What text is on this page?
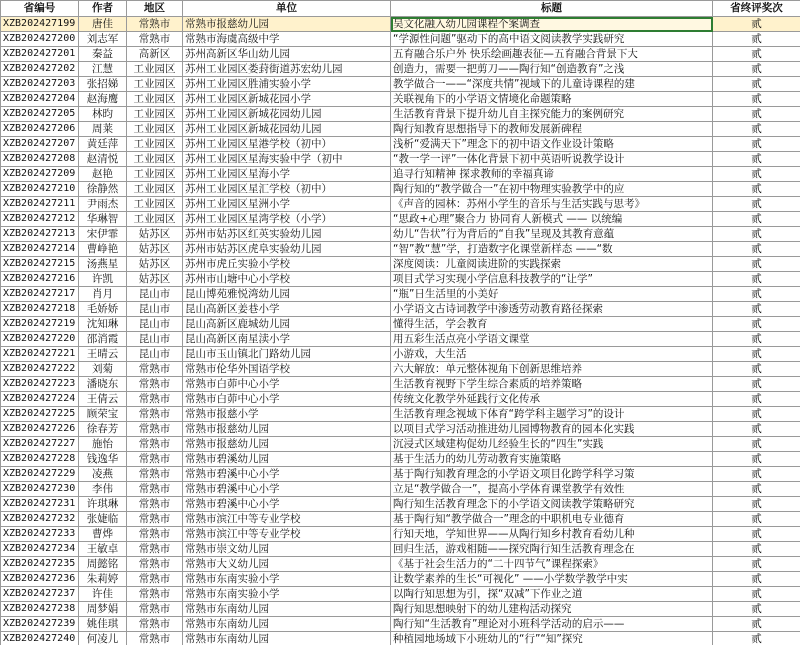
省编号	作者	地区	单位	标题	省终评奖次
XZB202427199	唐佳	常熟市	常熟市报慈幼儿园	吴文化融入幼儿园课程个案调查	贰
XZB202427200	刘志军	常熟市	常熟市海虞高级中学	“学源性问题”驱动下的高中语文阅读教学实践研究	贰
XZB202427201	秦益	高新区	苏州高新区华山幼儿园	五育融合乐户外 快乐绘画趣表征—五育融合背景下大	贰
XZB202427202	江慧	工业园区	苏州工业园区娄葑街道苏宏幼儿园	创造力，需要一把剪刀——陶行知“创造教育”之浅	贰
XZB202427203	张招娣	工业园区	苏州工业园区胜浦实验小学	教学做合一——“深度共情”视域下的儿童诗课程的建	贰
XZB202427204	赵海鹰	工业园区	苏州工业园区新城花园小学	关联视角下的小学语文情境化命题策略	贰
XZB202427205	林昀	工业园区	苏州工业园区新城花园幼儿园	生活教育背景下提升幼儿自主探究能力的案例研究	贰
XZB202427206	周莱	工业园区	苏州工业园区新城花园幼儿园	陶行知教育思想指导下的教师发展新碑程	贰
XZB202427207	黄廷萍	工业园区	苏州工业园区星港学校（初中）	浅析“爱满天下”理念下的初中语文作业设计策略	贰
XZB202427208	赵清悦	工业园区	苏州工业园区星海实验中学（初中	“教一学一评”一体化背景下初中英语听说教学设计	贰
XZB202427209	赵艳	工业园区	苏州工业园区星海小学	追寻行知精神 探求教师的幸福真谛	贰
XZB202427210	徐静然	工业园区	苏州工业园区星汇学校（初中）	陶行知的“教学做合一”在初中物理实验教学中的应	贰
XZB202427211	尹雨杰	工业园区	苏州工业园区星洲小学	《声音的园林：苏州小学生的音乐与生活实践与思考》	贰
XZB202427212	华琳智	工业园区	苏州工业园区星湾学校（小学）	“思政+心理”聚合力 协同育人新模式 —— 以统编	贰
XZB202427213	宋伊霏	姑苏区	苏州市姑苏区红英实验幼儿园	幼儿“告状”行为背后的“自我”呈现及其教育意蕴	贰
XZB202427214	曹峥艳	姑苏区	苏州市姑苏区虎阜实验幼儿园	“智”教“慧”学，打造数字化课堂新样态 ——“数	贰
XZB202427215	汤燕星	姑苏区	苏州市虎丘实验小学校	深度阅读：儿童阅读进阶的实践探索	贰
XZB202427216	许凯	姑苏区	苏州市山塘中心小学校	项目式学习实现小学信息科技教学的“让学”	贰
XZB202427217	肖月	昆山市	昆山博苑雅悦湾幼儿园	“瓶”日生活里的小美好	贰
XZB202427218	毛娇娇	昆山市	昆山高新区姜巷小学	小学语文古诗词教学中渗透劳动教育路径探索	贰
XZB202427219	沈知琳	昆山市	昆山高新区鹿城幼儿园	懂得生活，学会教育	贰
XZB202427220	邵消霞	昆山市	昆山高新区南星渎小学	用五彩生活点亮小学语文课堂	贰
XZB202427221	王晴云	昆山市	昆山市玉山镇北门路幼儿园	小游戏，大生活	贰
XZB202427222	刘菊	常熟市	常熟市伦华外国语学校	六大解放：单元整体视角下创新思维培养	贰
XZB202427223	潘晓东	常熟市	常熟市白茆中心小学	生活教育视野下学生综合素质的培养策略	贰
XZB202427224	王倩云	常熟市	常熟市白茆中心小学	传统文化教学外延践行文化传承	贰
XZB202427225	顾荣宝	常熟市	常熟市报慈小学	生活教育理念视域下体育“跨学科主题学习”的设计	贰
XZB202427226	徐春芳	常熟市	常熟市报慈幼儿园	以项目式学习活动推进幼儿园博物教育的园本化实践	贰
XZB202427227	施怡	常熟市	常熟市报慈幼儿园	沉浸式区域建构促幼儿经验生长的“四生”实践	贰
XZB202427228	钱逸华	常熟市	常熟市碧溪幼儿园	基于生活力的幼儿劳动教育实施策略	贰
XZB202427229	凌燕	常熟市	常熟市碧溪中心小学	基于陶行知教育理念的小学语文项目化跨学科学习策	贰
XZB202427230	李伟	常熟市	常熟市碧溪中心小学	立足“教学做合一”，提高小学体育课堂教学有效性	贰
XZB202427231	许琪琳	常熟市	常熟市碧溪中心小学	陶行知生活教育理念下的小学语文阅读教学策略研究	贰
XZB202427232	张婕临	常熟市	常熟市滨江中等专业学校	基于陶行知“教学做合一”理念的中职机电专业德育	贰
XZB202427233	曹烨	常熟市	常熟市滨江中等专业学校	行知天地，学知世界——从陶行知乡村教育看幼儿种	贰
XZB202427234	王敏卓	常熟市	常熟市崇文幼儿园	回归生活，游戏相随——探究陶行知生活教育理念在	贰
XZB202427235	周懿铭	常熟市	常熟市大义幼儿园	《基于社会生活力的“二十四节气”课程探索》	贰
XZB202427236	朱莉婷	常熟市	常熟市东南实验小学	让数学素养的生长“可视化” ——小学数学教学中实	贰
XZB202427237	许佳	常熟市	常熟市东南实验小学	以陶行知思想为引，探“双减”下作业之道	贰
XZB202427238	周梦娟	常熟市	常熟市东南幼儿园	陶行知思想映射下的幼儿建构活动探究	贰
XZB202427239	姚佳琪	常熟市	常熟市东南幼儿园	陶行知“生活教育”理论对小班科学活动的启示——	贰
XZB202427240	何凌儿	常熟市	常熟市东南幼儿园	种植园地场域下小班幼儿的“行”“知”探究	贰
